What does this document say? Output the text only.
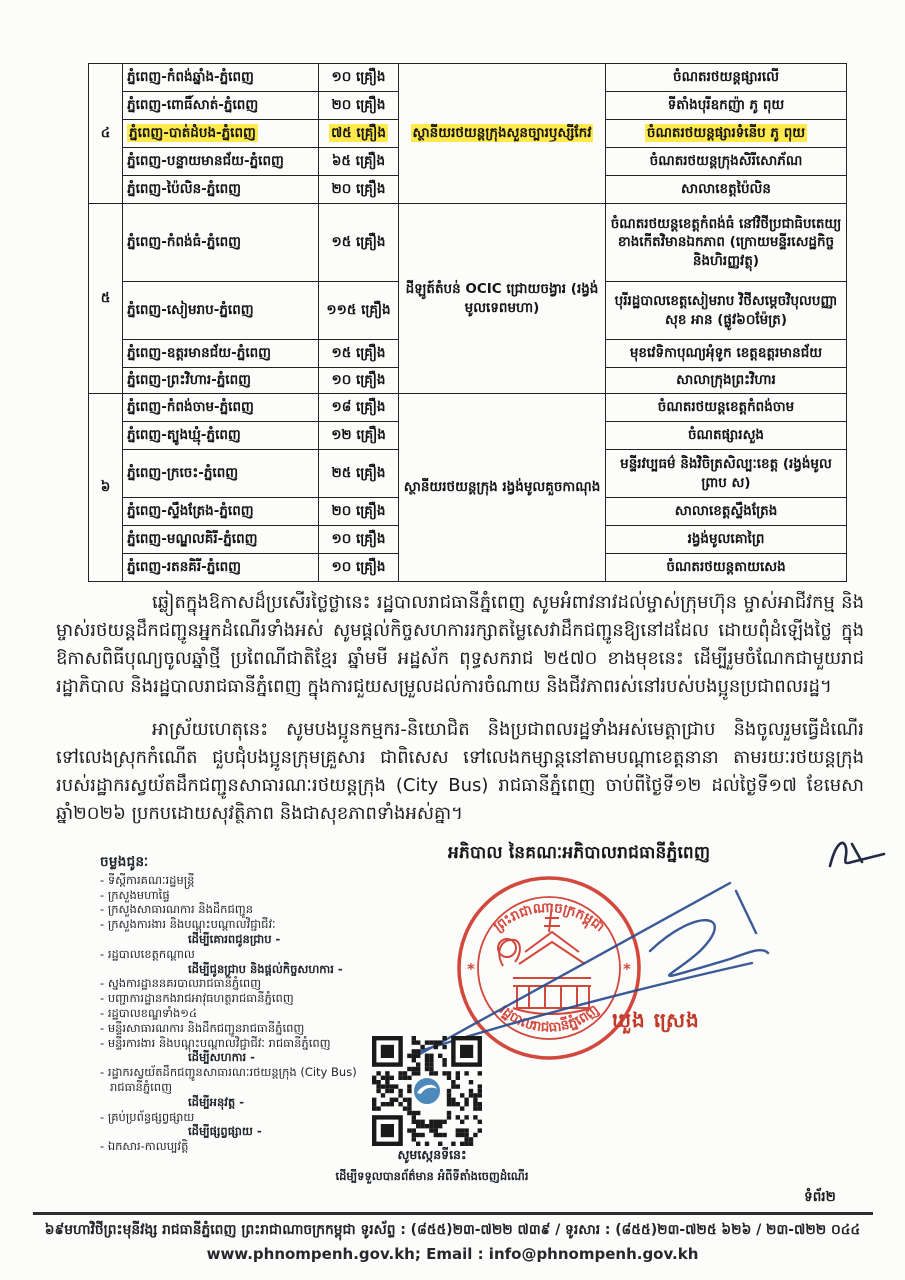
៤	ភ្នំពេញ-កំពង់ឆ្នាំង-ភ្នំពេញ	១០ គ្រឿង	ស្ថានីយរថយន្តក្រុងសួនច្បារឫស្សីកែវ	ចំណតរថយន្តផ្សារលើ
	ភ្នំពេញ-ពោធិ៍សាត់-ភ្នំពេញ	២០ គ្រឿង		ទីតាំងបុរីឧកញ៉ា ភូ ពុយ
	ភ្នំពេញ-បាត់ដំបង-ភ្នំពេញ	៧៥ គ្រឿង		ចំណតរថយន្តផ្សារទំនើប ភូ ពុយ
	ភ្នំពេញ-បន្ទាយមានជ័យ-ភ្នំពេញ	៦៥ គ្រឿង		ចំណតរថយន្តក្រុងសិរីសោភ័ណ
	ភ្នំពេញ-ប៉ៃលិន-ភ្នំពេញ	២០ គ្រឿង		សាលាខេត្តប៉ៃលិន
៥	ភ្នំពេញ-កំពង់ធំ-ភ្នំពេញ	១៥ គ្រឿង	ដីឡូត៍តំបន់ OCIC ជ្រោយចង្វារ (រង្វង់មូលទេពមហា)	ចំណតរថយន្តខេត្តកំពង់ធំ នៅវិថីប្រជាធិបតេយ្យ ខាងកើតវិមានឯកភាព (ក្រោយមន្ទីរសេដ្ឋកិច្ច និងហិរញ្ញវត្ថុ)
	ភ្នំពេញ-សៀមរាប-ភ្នំពេញ	១១៥ គ្រឿង		បុរីរដ្ឋបាលខេត្តសៀមរាប វិថីសម្តេចវិបុលបញ្ញា សុខ អាន (ផ្លូវ៦០ម៉ែត្រ)
	ភ្នំពេញ-ឧត្តរមានជ័យ-ភ្នំពេញ	១៥ គ្រឿង		មុខវេទិកាបុណ្យអុំទូក ខេត្តឧត្តរមានជ័យ
	ភ្នំពេញ-ព្រះវិហារ-ភ្នំពេញ	១០ គ្រឿង		សាលាក្រុងព្រះវិហារ
៦	ភ្នំពេញ-កំពង់ចាម-ភ្នំពេញ	១៨ គ្រឿង	ស្ថានីយរថយន្តក្រុង រង្វង់មូលគួចកាណុង	ចំណតរថយន្តខេត្តកំពង់ចាម
	ភ្នំពេញ-ត្បូងឃ្មុំ-ភ្នំពេញ	១២ គ្រឿង		ចំណតផ្សារសួង
	ភ្នំពេញ-ក្រចេះ-ភ្នំពេញ	២៥ គ្រឿង		មន្ទីរវប្បធម៌ និងវិចិត្រសិល្បៈខេត្ត (រង្វង់មូលព្រាប ស)
	ភ្នំពេញ-ស្ទឹងត្រែង-ភ្នំពេញ	២០ គ្រឿង		សាលាខេត្តស្ទឹងត្រែង
	ភ្នំពេញ-មណ្ឌលគិរី-ភ្នំពេញ	១០ គ្រឿង		រង្វង់មូលគោព្រៃ
	ភ្នំពេញ-រតនគិរី-ភ្នំពេញ	១០ គ្រឿង		ចំណតរថយន្តតាយសេង

ឆ្លៀតក្នុងឱកាសដ៏ប្រសើរថ្លៃថ្លានេះ រដ្ឋបាលរាជធានីភ្នំពេញ សូមអំពាវនាវដល់ម្ចាស់ក្រុមហ៊ុន ម្ចាស់អាជីវកម្ម និងម្ចាស់រថយន្តដឹកជញ្ជូនអ្នកដំណើរទាំងអស់ សូមផ្តល់កិច្ចសហការរក្សាតម្លៃសេវាដឹកជញ្ជូនឱ្យនៅដដែល ដោយពុំដំឡើងថ្លៃ ក្នុងឱកាសពិធីបុណ្យចូលឆ្នាំថ្មី ប្រពៃណីជាតិខ្មែរ ឆ្នាំមមី អដ្ឋស័ក ពុទ្ធសករាជ ២៥៧០ ខាងមុខនេះ ដើម្បីរួមចំណែកជាមួយរាជរដ្ឋាភិបាល និងរដ្ឋបាលរាជធានីភ្នំពេញ ក្នុងការជួយសម្រួលដល់ការចំណាយ និងជីវភាពរស់នៅរបស់បងប្អូនប្រជាពលរដ្ឋ។

អាស្រ័យហេតុនេះ សូមបងប្អូនកម្មករ-និយោជិត និងប្រជាពលរដ្ឋទាំងអស់មេត្តាជ្រាប និងចូលរួមធ្វើដំណើរទៅលេងស្រុកកំណើត ជួបជុំបងប្អូនក្រុមគ្រួសារ ជាពិសេស ទៅលេងកម្សាន្តនៅតាមបណ្តាខេត្តនានា តាមរយៈរថយន្តក្រុង របស់រដ្ឋាករស្វយ័តដឹកជញ្ជូនសាធារណៈរថយន្តក្រុង (City Bus) រាជធានីភ្នំពេញ ចាប់ពីថ្ងៃទី១២ ដល់ថ្ងៃទី១៧ ខែមេសា ឆ្នាំ២០២៦ ប្រកបដោយសុវត្ថិភាព និងជាសុខភាពទាំងអស់គ្នា។

អភិបាល នៃគណៈអភិបាលរាជធានីភ្នំពេញ
ព្រះរាជាណាចក្រកម្ពុជា
រដ្ឋបាលរាជធានីភ្នំពេញ
*	*
ឃួង ស្រេង
ចម្លងជូនៈ
- ទីស្តីការគណៈរដ្ឋមន្ត្រី
- ក្រសួងមហាផ្ទៃ
- ក្រសួងសាធារណការ និងដឹកជញ្ជូន
- ក្រសួងការងារ និងបណ្តុះបណ្តាលវិជ្ជាជីវៈ
ដើម្បីគោរពជូនជ្រាប -
- រដ្ឋបាលខេត្តកណ្តាល
ដើម្បីជូនជ្រាប និងផ្តល់កិច្ចសហការ -
- ស្នងការដ្ឋាននគរបាលរាជធានីភ្នំពេញ
- បញ្ជាការដ្ឋានកងរាជអាវុធហត្ថរាជធានីភ្នំពេញ
- រដ្ឋបាលខណ្ឌទាំង១៤
- មន្ទីរសាធារណការ និងដឹកជញ្ជូនរាជធានីភ្នំពេញ
- មន្ទីរការងារ និងបណ្តុះបណ្តាលវិជ្ជាជីវៈ រាជធានីភ្នំពេញ
ដើម្បីសហការ -
- រដ្ឋាករស្វយ័តដឹកជញ្ជូនសាធារណៈរថយន្តក្រុង (City Bus)
រាជធានីភ្នំពេញ
ដើម្បីអនុវត្ត -
- គ្រប់ប្រព័ន្ធផ្សព្វផ្សាយ
ដើម្បីផ្សព្វផ្សាយ -
- ឯកសារ-កាលប្បវត្តិ
សូមស្កេនទីនេះ
ដើម្បីទទួលបានព័ត៌មាន អំពីទីតាំងចេញដំណើរ
ទំព័រ២
៦៩មហាវិថីព្រះមុនីវង្ស រាជធានីភ្នំពេញ ព្រះរាជាណាចក្រកម្ពុជា ទូរស័ព្ទ : (៨៥៥)២៣-៧២២ ៧៣៩ / ទូរសារ : (៨៥៥)២៣-៧២៥ ៦២៦ / ២៣-៧២២ ០៤៤
www.phnompenh.gov.kh; Email : info@phnompenh.gov.kh
